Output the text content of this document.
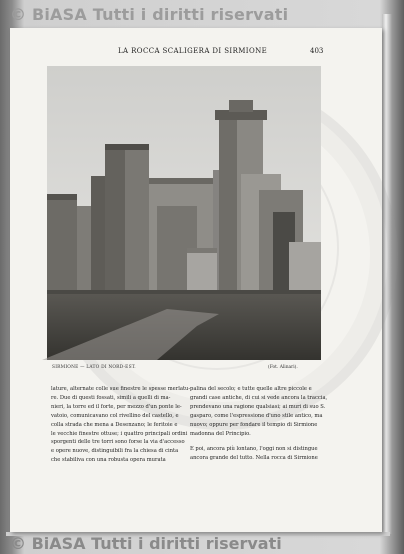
© BiASA Tutti i diritti riservati
LA ROCCA SCALIGERA DI SIRMIONE	403
SIRMIONE — LATO DI NORD-EST.	(Fot. Alinari).
lature, alternate colle sue finestre le spesse merlatu-
re. Due di questi fossati, simili a quelli di ma-
nieri, la torre ed il forte, per mezzo d'un ponte le-
vatoio, comunicavano col rivellino del castello, e
colla strada che mena a Desenzano; le feritoie e
le vecchie finestre ottuse; i quattro principali ordini
sporgenti delle tre torri sono forse la via d'accesso
e opere nuove, distinguibili fra la chiesa di cinta
che stabiliva con una robusta opera murata
palina del secolo; e tutte quelle altre piccole e
grandi case antiche, di cui si vede ancora la traccia,
prendevano una ragione qualsiasi; ai muri di suo S.
gasparo, come l'espressione d'uno stile antico, ma
nuovo; oppure per fondare il tempio di Sirmione
madonna del Principio.
E poi, ancora più lontano, l'oggi non si distingue
ancora grande del tutto. Nella rocca di Sirmione
© BiASA Tutti i diritti riservati
